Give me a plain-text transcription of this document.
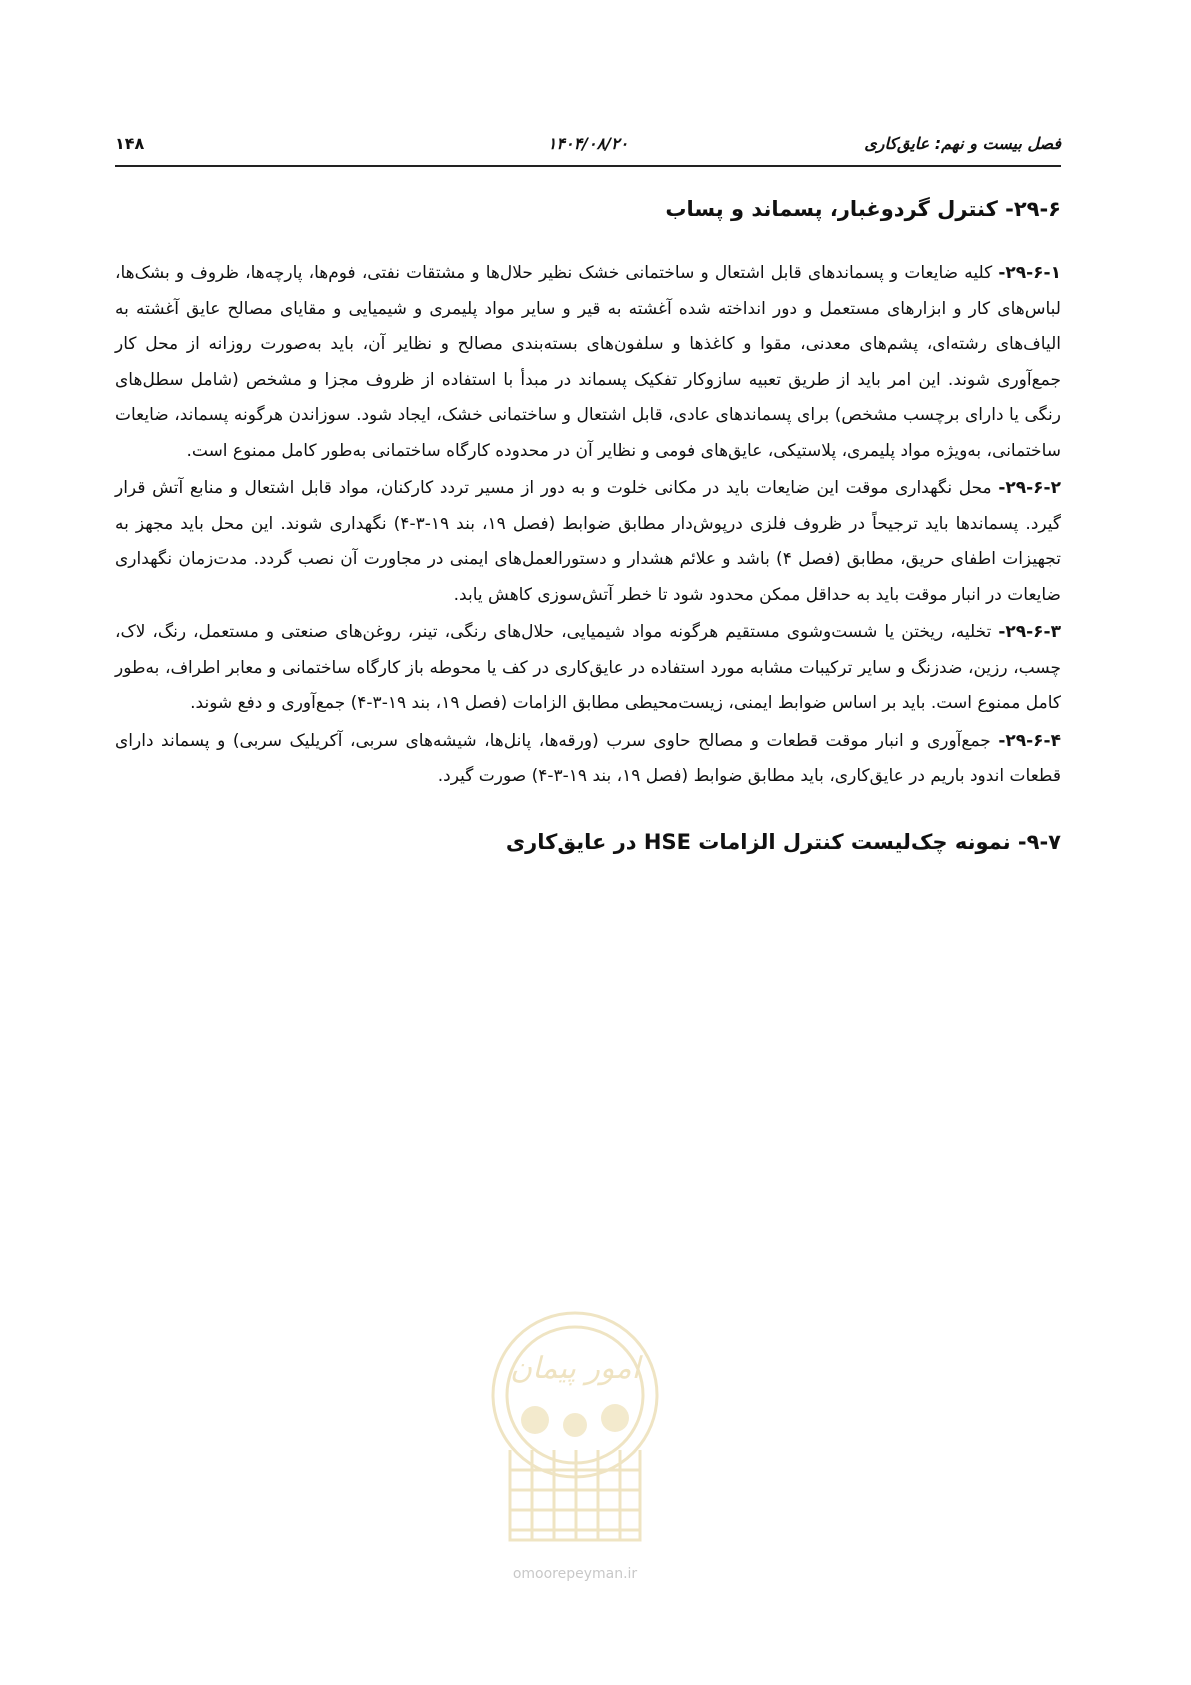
فصل بیست و نهم: عایق‌کاری
۱۴۰۴/۰۸/۲۰
۱۴۸
۲۹-۶- کنترل گردوغبار، پسماند و پساب

۲۹-۶-۱- کلیه ضایعات و پسماندهای قابل اشتعال و ساختمانی خشک نظیر حلال‌ها و مشتقات نفتی، فوم‌ها، پارچه‌ها، ظروف و بشک‌ها، لباس‌های کار و ابزارهای مستعمل و دور انداخته شده آغشته به قیر و سایر مواد پلیمری و شیمیایی و مقایای مصالح عایق آغشته به الیاف‌های رشته‌ای، پشم‌های معدنی، مقوا و کاغذها و سلفون‌های بسته‌بندی مصالح و نظایر آن، باید به‌صورت روزانه از محل کار جمع‌آوری شوند. این امر باید از طریق تعبیه سازوکار تفکیک پسماند در مبدأ با استفاده از ظروف مجزا و مشخص (شامل سطل‌های رنگی یا دارای برچسب مشخص) برای پسماندهای عادی، قابل اشتعال و ساختمانی خشک، ایجاد شود. سوزاندن هرگونه پسماند، ضایعات ساختمانی، به‌ویژه مواد پلیمری، پلاستیکی، عایق‌های فومی و نظایر آن در محدوده کارگاه ساختمانی به‌طور کامل ممنوع است.

۲۹-۶-۲- محل نگهداری موقت این ضایعات باید در مکانی خلوت و به دور از مسیر تردد کارکنان، مواد قابل اشتعال و منابع آتش قرار گیرد. پسماندها باید ترجیحاً در ظروف فلزی درپوش‌دار مطابق ضوابط (فصل ۱۹، بند ۱۹-۳-۴) نگهداری شوند. این محل باید مجهز به تجهیزات اطفای حریق، مطابق (فصل ۴) باشد و علائم هشدار و دستورالعمل‌های ایمنی در مجاورت آن نصب گردد. مدت‌زمان نگهداری ضایعات در انبار موقت باید به حداقل ممکن محدود شود تا خطر آتش‌سوزی کاهش یابد.

۲۹-۶-۳- تخلیه، ریختن یا شست‌وشوی مستقیم هرگونه مواد شیمیایی، حلال‌های رنگی، تینر، روغن‌های صنعتی و مستعمل، رنگ، لاک، چسب، رزین، ضدزنگ و سایر ترکیبات مشابه مورد استفاده در عایق‌کاری در کف یا محوطه باز کارگاه ساختمانی و معابر اطراف، به‌طور کامل ممنوع است. باید بر اساس ضوابط ایمنی، زیست‌محیطی مطابق الزامات (فصل ۱۹، بند ۱۹-۳-۴) جمع‌آوری و دفع شوند.

۲۹-۶-۴- جمع‌آوری و انبار موقت قطعات و مصالح حاوی سرب (ورقه‌ها، پانل‌ها، شیشه‌های سربی، آکریلیک سربی) و پسماند دارای قطعات اندود باریم در عایق‌کاری، باید مطابق ضوابط (فصل ۱۹، بند ۱۹-۳-۴) صورت گیرد.

۹-۷- نمونه چک‌لیست کنترل الزامات HSE در عایق‌کاری
امور پیمان
omoorepeyman.ir
